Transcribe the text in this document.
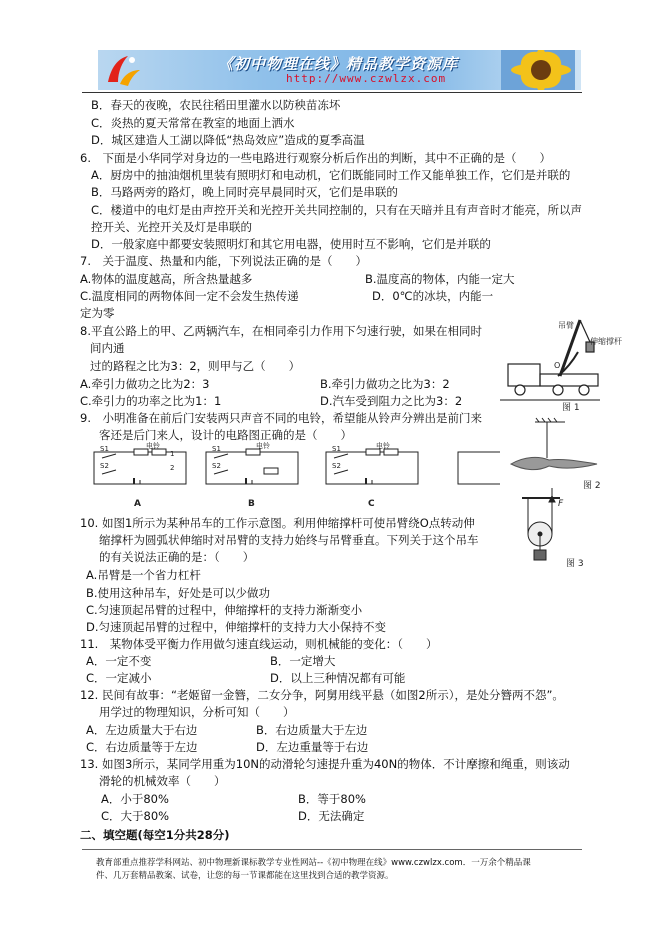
《初中物理在线》精品教学资源库
http://www.czwlzx.com
B．春天的夜晚，农民往稻田里灌水以防秧苗冻坏
C．炎热的夏天常常在教室的地面上洒水
D．城区建造人工湖以降低“热岛效应”造成的夏季高温
6.　下面是小华同学对身边的一些电路进行观察分析后作出的判断，其中不正确的是（　　）
A．厨房中的抽油烟机里装有照明灯和电动机，它们既能同时工作又能单独工作，它们是并联的
B．马路两旁的路灯，晚上同时亮早晨同时灭，它们是串联的
C．楼道中的电灯是由声控开关和光控开关共同控制的，只有在天暗并且有声音时才能亮，所以声
控开关、光控开关及灯是串联的
D．一般家庭中都要安装照明灯和其它用电器，使用时互不影响，它们是并联的
7.　关于温度、热量和内能，下列说法正确的是（　　）
A.物体的温度越高，所含热量越多	B.温度高的物体，内能一定大
C.温度相同的两物体间一定不会发生热传递	D．0℃的冰块，内能一
定为零
8.平直公路上的甲、乙两辆汽车，在相同牵引力作用下匀速行驶，如果在相同时
间内通
过的路程之比为3：2，则甲与乙（　　）
A.牵引力做功之比为2：3	B.牵引力做功之比为3：2
C.牵引力的功率之比为1：1	D.汽车受到阻力之比为3：2
9.　小明准备在前后门安装两只声音不同的电铃，希望能从铃声分辨出是前门来
客还是后门来人，设计的电路图正确的是（　　）
10. 如图1所示为某种吊车的工作示意图。利用伸缩撑杆可使吊臂绕O点转动伸
缩撑杆为圆弧状伸缩时对吊臂的支持力始终与吊臂垂直。下列关于这个吊车
的有关说法正确的是：（　　）
A.吊臂是一个省力杠杆
B.使用这种吊车，好处是可以少做功
C.匀速顶起吊臂的过程中，伸缩撑杆的支持力渐渐变小
D.匀速顶起吊臂的过程中，伸缩撑杆的支持力大小保持不变
11.　某物体受平衡力作用做匀速直线运动，则机械能的变化：（　　）
A．一定不变	B．一定增大
C．一定减小	D．以上三种情况都有可能
12. 民间有故事：“老姬留一金簪，二女分争，阿舅用线平悬（如图2所示），是处分簪两不怨”。
用学过的物理知识，分析可知（　　）
A．左边质量大于右边	B．右边质量大于左边
C．右边质量等于左边	D．左边重量等于右边
13. 如图3所示，某同学用重为10N的动滑轮匀速提升重为40N的物体．不计摩擦和绳重，则该动
滑轮的机械效率（　　）
A．小于80%	B．等于80%
C．大于80%	D．无法确定
二、填空题(每空1分共28分)
S1
S2
电铃
1
2
S1
S2
电铃	S1
S2
电铃
A	B	C
吊臂
O
伸缩撑杆
图 1
图 2
F
图 3
教育部重点推荐学科网站、初中物理新课标教学专业性网站--《初中物理在线》www.czwlzx.com．一万余个精品课
件、几万套精品教案、试卷，让您的每一节课都能在这里找到合适的教学资源。
